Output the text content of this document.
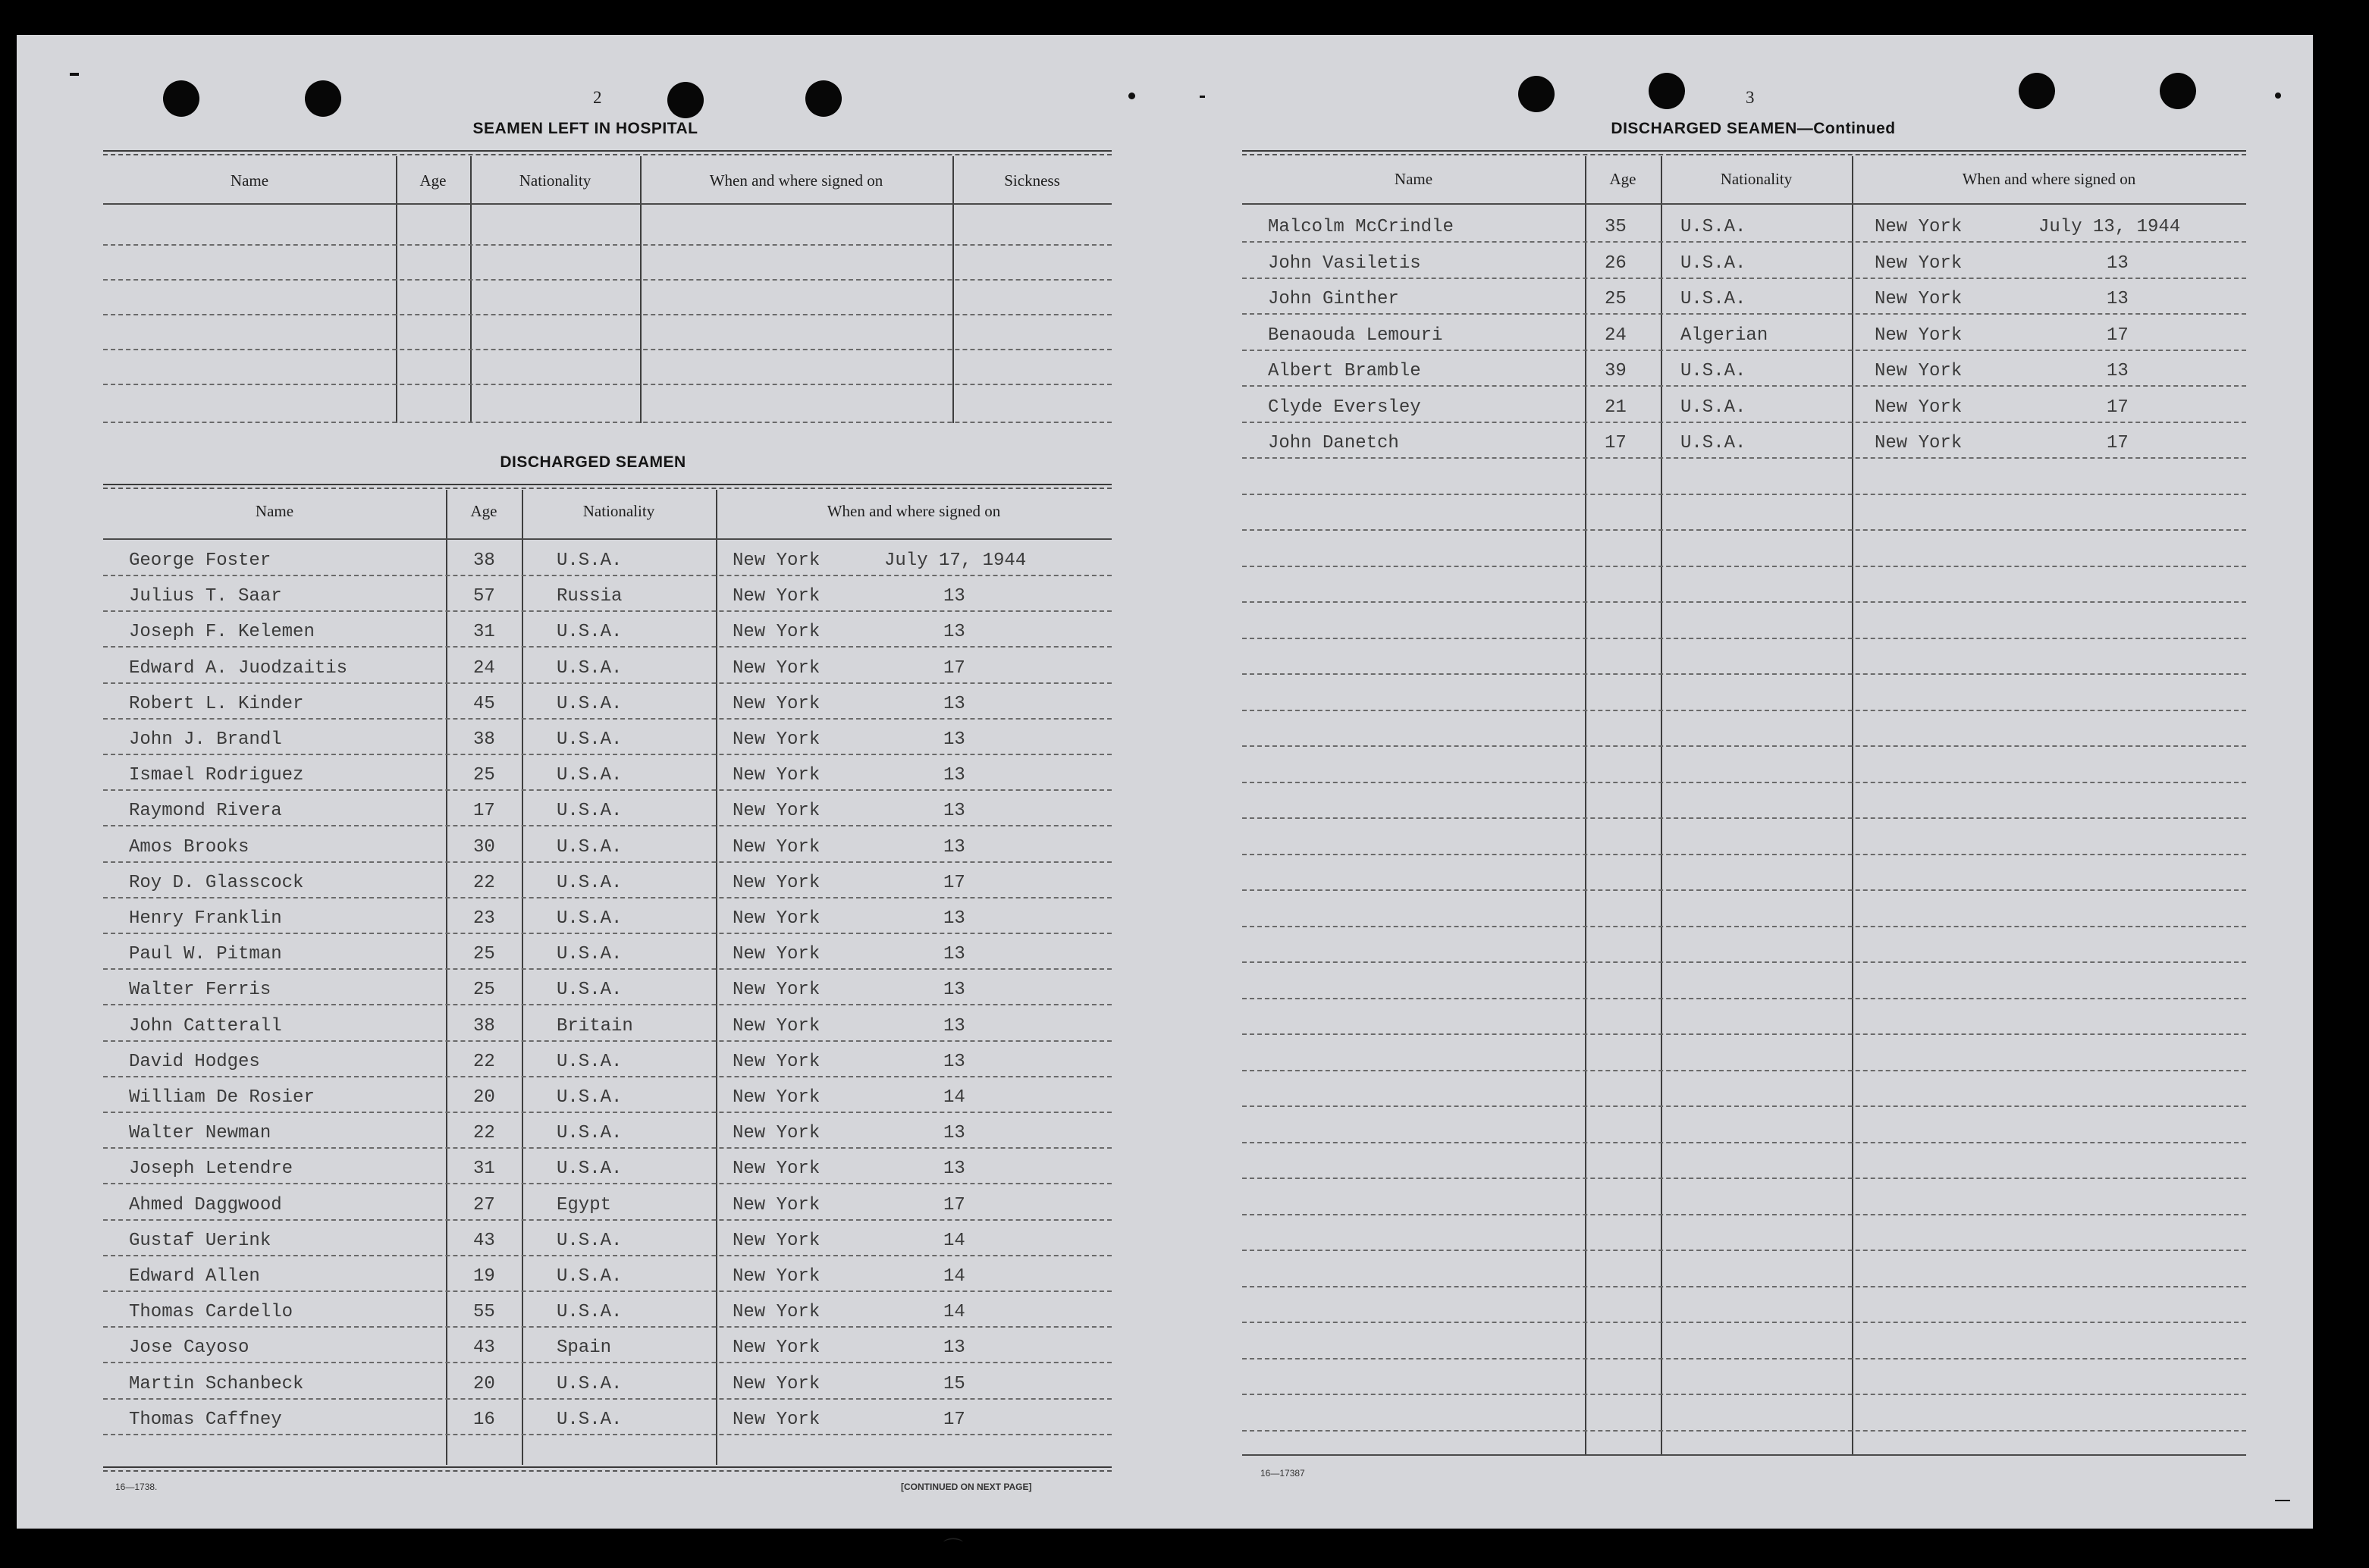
2
SEAMEN LEFT IN HOSPITAL
Name	Age	Nationality	When and where signed on	Sickness
DISCHARGED SEAMEN
Name	Age	Nationality	When and where signed on
George Foster	38	U.S.A.	New York	July 17, 1944
Julius T. Saar	57	Russia	New York	13
Joseph F. Kelemen	31	U.S.A.	New York	13
Edward A. Juodzaitis	24	U.S.A.	New York	17
Robert L. Kinder	45	U.S.A.	New York	13
John J. Brandl	38	U.S.A.	New York	13
Ismael Rodriguez	25	U.S.A.	New York	13
Raymond Rivera	17	U.S.A.	New York	13
Amos Brooks	30	U.S.A.	New York	13
Roy D. Glasscock	22	U.S.A.	New York	17
Henry Franklin	23	U.S.A.	New York	13
Paul W. Pitman	25	U.S.A.	New York	13
Walter Ferris	25	U.S.A.	New York	13
John Catterall	38	Britain	New York	13
David Hodges	22	U.S.A.	New York	13
William De Rosier	20	U.S.A.	New York	14
Walter Newman	22	U.S.A.	New York	13
Joseph Letendre	31	U.S.A.	New York	13
Ahmed Daggwood	27	Egypt	New York	17
Gustaf Uerink	43	U.S.A.	New York	14
Edward Allen	19	U.S.A.	New York	14
Thomas Cardello	55	U.S.A.	New York	14
Jose Cayoso	43	Spain	New York	13
Martin Schanbeck	20	U.S.A.	New York	15
Thomas Caffney	16	U.S.A.	New York	17
16—1738.	[CONTINUED ON NEXT PAGE]
⌒
3
DISCHARGED SEAMEN—Continued
Name	Age	Nationality	When and where signed on
Malcolm McCrindle	35	U.S.A.	New York	July 13, 1944
John Vasiletis	26	U.S.A.	New York	13
John Ginther	25	U.S.A.	New York	13
Benaouda Lemouri	24	Algerian	New York	17
Albert Bramble	39	U.S.A.	New York	13
Clyde Eversley	21	U.S.A.	New York	17
John Danetch	17	U.S.A.	New York	17
16—17387
